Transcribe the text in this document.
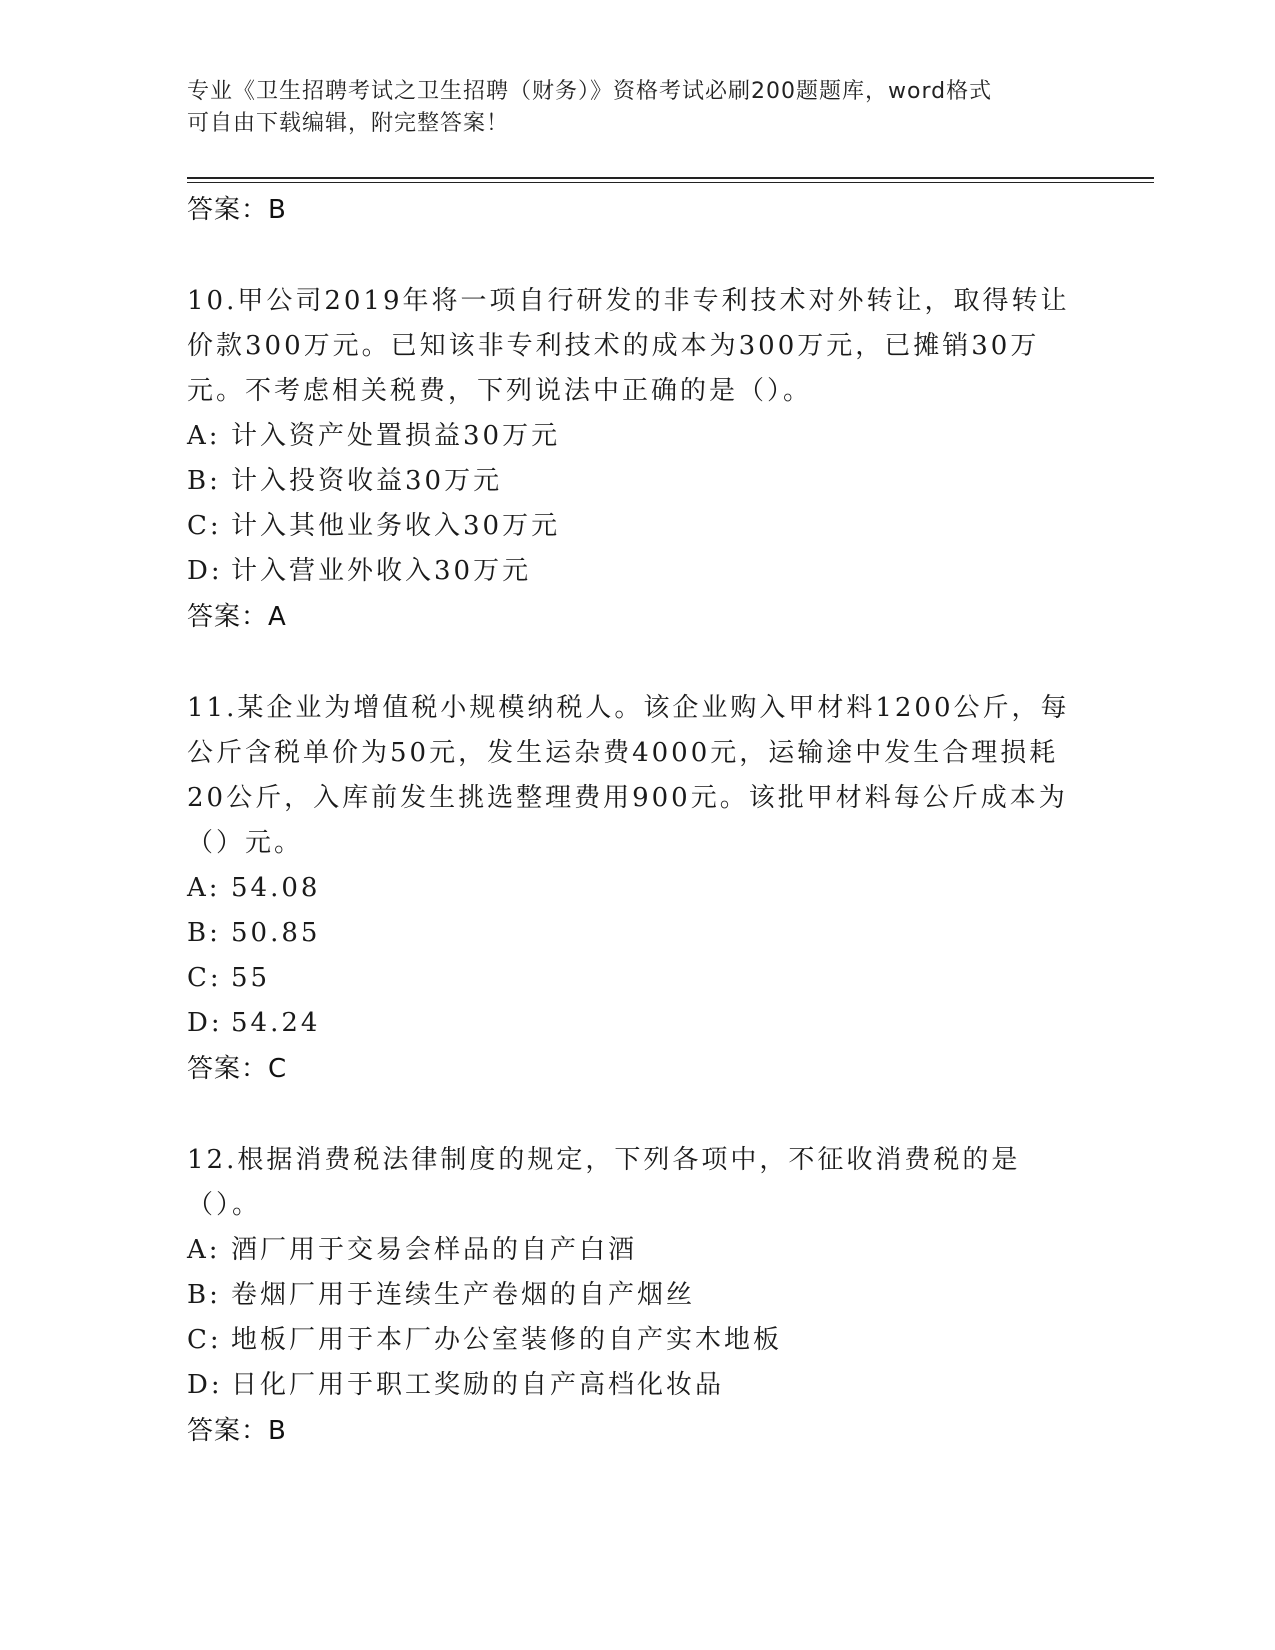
专业《卫生招聘考试之卫生招聘（财务）》资格考试必刷200题题库，word格式
可自由下载编辑，附完整答案！
答案：B
10.甲公司2019年将一项自行研发的非专利技术对外转让，取得转让价款300万元。已知该非专利技术的成本为300万元，已摊销30万元。不考虑相关税费，下列说法中正确的是（）。
A: 计入资产处置损益30万元
B: 计入投资收益30万元
C: 计入其他业务收入30万元
D: 计入营业外收入30万元
答案：A
11.某企业为增值税小规模纳税人。该企业购入甲材料1200公斤，每公斤含税单价为50元，发生运杂费4000元，运输途中发生合理损耗20公斤，入库前发生挑选整理费用900元。该批甲材料每公斤成本为（）元。
A: 54.08
B: 50.85
C: 55
D: 54.24
答案：C
12.根据消费税法律制度的规定，下列各项中，不征收消费税的是（）。
A: 酒厂用于交易会样品的自产白酒
B: 卷烟厂用于连续生产卷烟的自产烟丝
C: 地板厂用于本厂办公室装修的自产实木地板
D: 日化厂用于职工奖励的自产高档化妆品
答案：B
